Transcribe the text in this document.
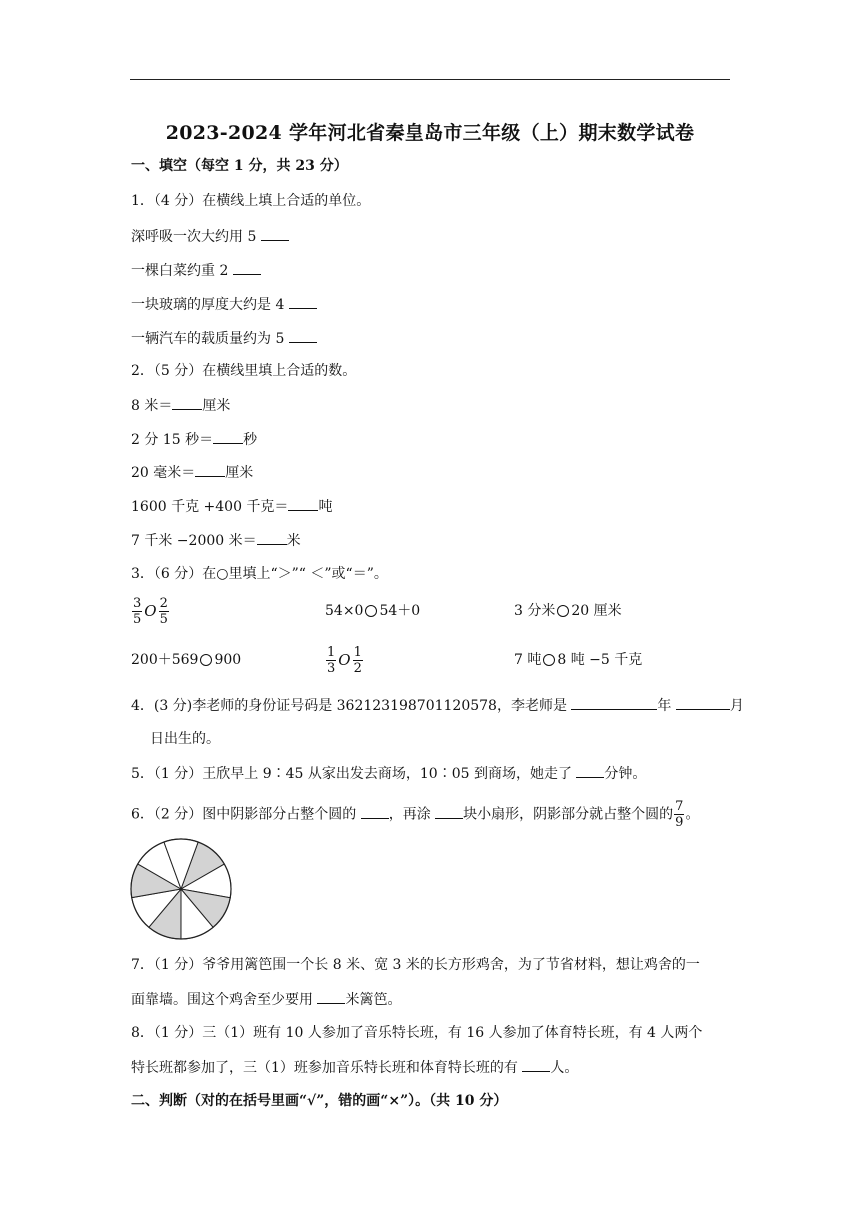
2023-2024 学年河北省秦皇岛市三年级（上）期末数学试卷
一、填空（每空 1 分，共 23 分）
1．（4 分）在横线上填上合适的单位。
深呼吸一次大约用 5
一棵白菜约重 2
一块玻璃的厚度大约是 4
一辆汽车的载质量约为 5
2．（5 分）在横线里填上合适的数。
8 米＝ 厘米
2 分 15 秒＝ 秒
20 毫米＝ 厘米
1600 千克 +400 千克＝ 吨
7 千米 −2000 米＝ 米
3．（6 分）在○里填上“＞”“ ＜”或“＝”。
$\frac{3}{5}$ O $\frac{2}{5}$	54×0 54＋0	3 分米 20 厘米
200＋569 900	$\frac{1}{3}$ O $\frac{1}{2}$	7 吨 8 吨 −5 千克
4．(3 分)李老师的身份证号码是 362123198701120578，李老师是	年	月
日出生的。
5．（1 分）王欣早上 9∶45 从家出发去商场，10∶05 到商场，她走了 分钟。
6．（2 分）图中阴影部分占整个圆的 ，再涂 块小扇形，阴影部分就占整个圆的 $\frac{7}{9}$ 。
7．（1 分）爷爷用篱笆围一个长 8 米、宽 3 米的长方形鸡舍，为了节省材料，想让鸡舍的一
面靠墙。围这个鸡舍至少要用 米篱笆。
8．（1 分）三（1）班有 10 人参加了音乐特长班，有 16 人参加了体育特长班，有 4 人两个
特长班都参加了，三（1）班参加音乐特长班和体育特长班的有 人。
二、判断（对的在括号里画“√”，错的画“×”）。（共 10 分）
